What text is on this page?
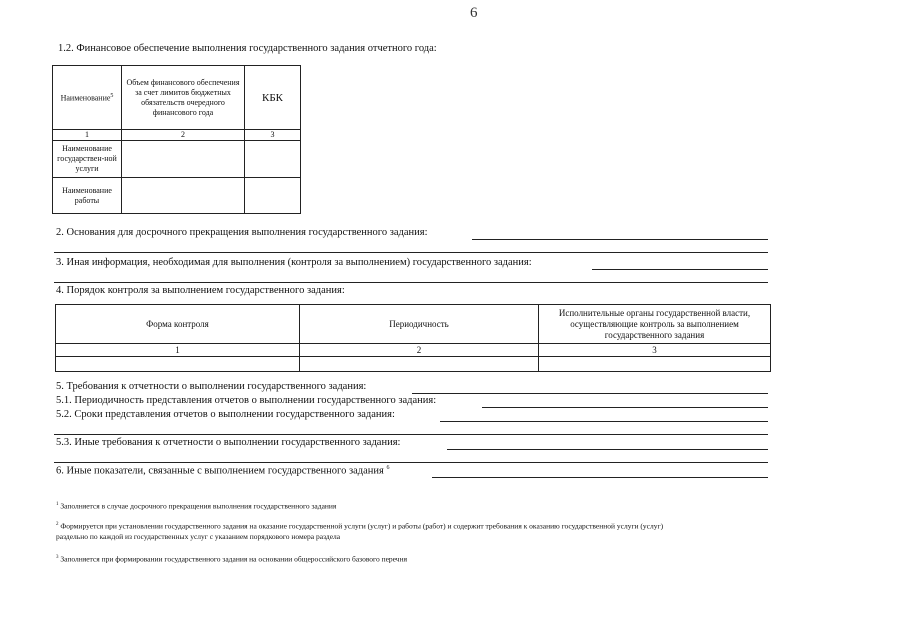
6
1.2. Финансовое обеспечение выполнения государственного задания отчетного года:
Наименование$^5$	Объем финансового обеспечения за счет лимитов бюджетных обязательств очередного финансового года	КБК
1	2	3
Наименование государствен-ной услуги		
Наименование работы		
2. Основания для досрочного прекращения выполнения государственного задания:
3. Иная информация, необходимая для выполнения (контроля за выполнением) государственного задания:
4. Порядок контроля за выполнением государственного задания:
Форма контроля	Периодичность	Исполнительные органы государственной власти, осуществляющие контроль за выполнением государственного задания
1	2	3

5. Требования к отчетности о выполнении государственного задания:
5.1. Периодичность представления отчетов о выполнении государственного задания:
5.2. Сроки представления отчетов о выполнении государственного задания:
5.3. Иные требования к отчетности о выполнении государственного задания:
6. Иные показатели, связанные с выполнением государственного задания $^6$
$^1$ Заполняется в случае досрочного прекращения выполнения государственного задания
$^2$ Формируется при установлении государственного задания на оказание государственной услуги (услуг) и работы (работ) и содержит требования к оказанию государственной услуги (услуг)
раздельно по каждой из государственных услуг с указанием порядкового номера раздела
$^3$ Заполняется при формировании государственного задания на основании общероссийского базового перечня
